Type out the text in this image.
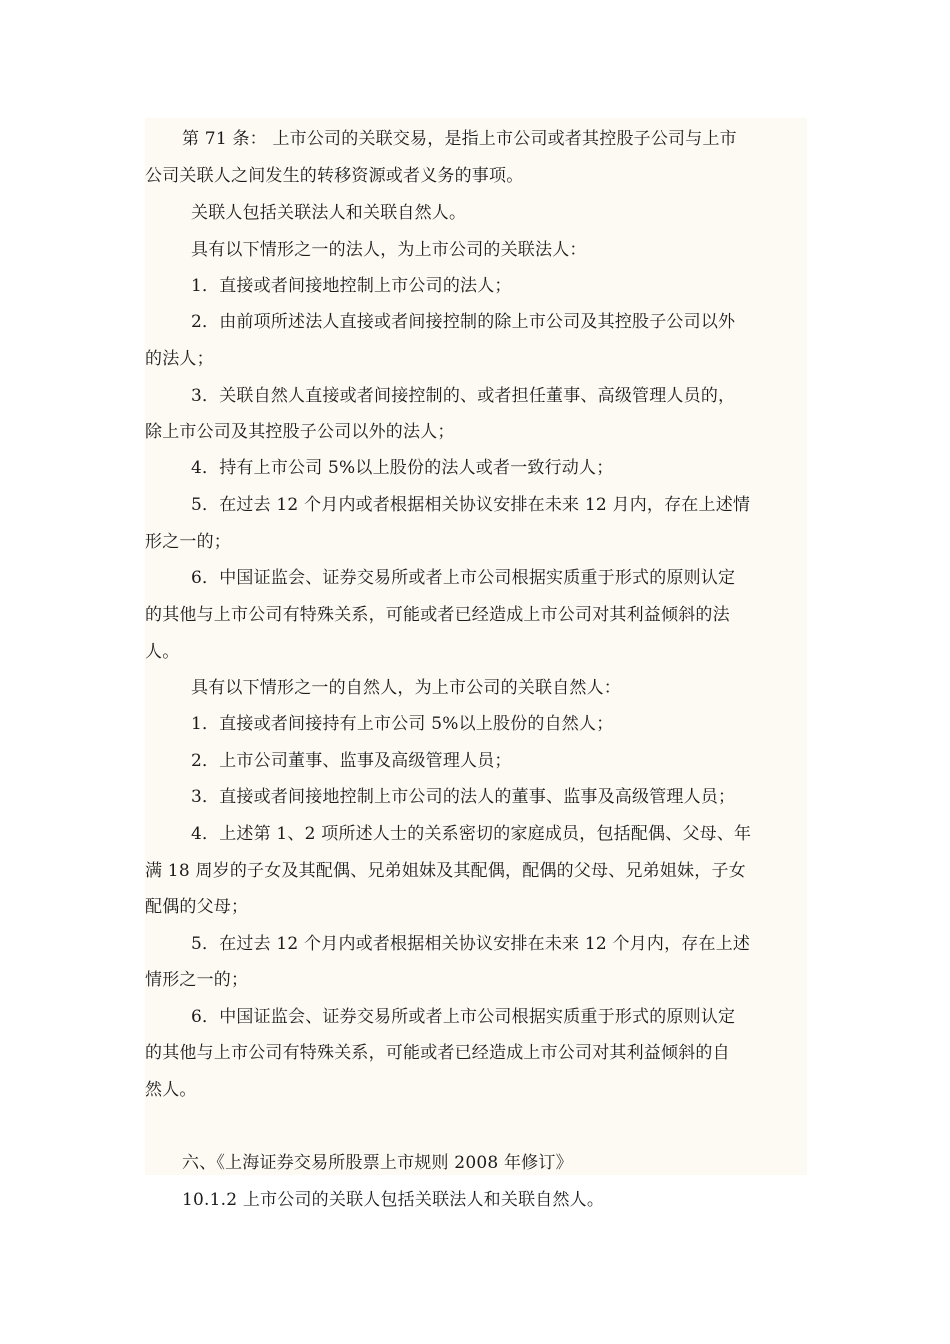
第 71 条： 上市公司的关联交易，是指上市公司或者其控股子公司与上市
公司关联人之间发生的转移资源或者义务的事项。
关联人包括关联法人和关联自然人。
具有以下情形之一的法人，为上市公司的关联法人：
1．直接或者间接地控制上市公司的法人；
2．由前项所述法人直接或者间接控制的除上市公司及其控股子公司以外
的法人；
3．关联自然人直接或者间接控制的、或者担任董事、高级管理人员的，
除上市公司及其控股子公司以外的法人；
4．持有上市公司 5%以上股份的法人或者一致行动人；
5．在过去 12 个月内或者根据相关协议安排在未来 12 月内，存在上述情
形之一的；
6．中国证监会、证券交易所或者上市公司根据实质重于形式的原则认定
的其他与上市公司有特殊关系，可能或者已经造成上市公司对其利益倾斜的法
人。
具有以下情形之一的自然人，为上市公司的关联自然人：
1．直接或者间接持有上市公司 5%以上股份的自然人；
2．上市公司董事、监事及高级管理人员；
3．直接或者间接地控制上市公司的法人的董事、监事及高级管理人员；
4．上述第 1、2 项所述人士的关系密切的家庭成员，包括配偶、父母、年
满 18 周岁的子女及其配偶、兄弟姐妹及其配偶，配偶的父母、兄弟姐妹，子女
配偶的父母；
5．在过去 12 个月内或者根据相关协议安排在未来 12 个月内，存在上述
情形之一的；
6．中国证监会、证券交易所或者上市公司根据实质重于形式的原则认定
的其他与上市公司有特殊关系，可能或者已经造成上市公司对其利益倾斜的自
然人。
六、《上海证券交易所股票上市规则 2008 年修订》
10.1.2 上市公司的关联人包括关联法人和关联自然人。
